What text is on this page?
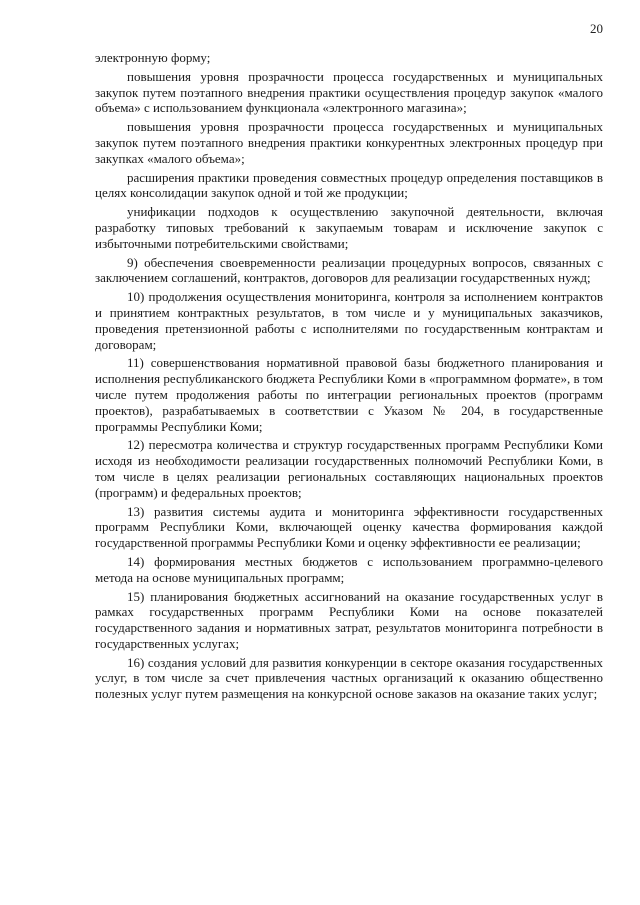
20

электронную форму;

повышения уровня прозрачности процесса государственных и муниципальных закупок путем поэтапного внедрения практики осуществления процедур закупок «малого объема» с использованием функционала «электронного магазина»;

повышения уровня прозрачности процесса государственных и муниципальных закупок путем поэтапного внедрения практики конкурентных электронных процедур при закупках «малого объема»;

расширения практики проведения совместных процедур определения поставщиков в целях консолидации закупок одной и той же продукции;

унификации подходов к осуществлению закупочной деятельности, включая разработку типовых требований к закупаемым товарам и исключение закупок с избыточными потребительскими свойствами;

9) обеспечения своевременности реализации процедурных вопросов, связанных с заключением соглашений, контрактов, договоров для реализации государственных нужд;

10) продолжения осуществления мониторинга, контроля за исполнением контрактов и принятием контрактных результатов, в том числе и у муниципальных заказчиков, проведения претензионной работы с исполнителями по государственным контрактам и договорам;

11) совершенствования нормативной правовой базы бюджетного планирования и исполнения республиканского бюджета Республики Коми в «программном формате», в том числе путем продолжения работы по интеграции региональных проектов (программ проектов), разрабатываемых в соответствии с Указом № 204, в государственные программы Республики Коми;

12) пересмотра количества и структур государственных программ Республики Коми исходя из необходимости реализации государственных полномочий Республики Коми, в том числе в целях реализации региональных составляющих национальных проектов (программ) и федеральных проектов;

13) развития системы аудита и мониторинга эффективности государственных программ Республики Коми, включающей оценку качества формирования каждой государственной программы Республики Коми и оценку эффективности ее реализации;

14) формирования местных бюджетов с использованием программно-целевого метода на основе муниципальных программ;

15) планирования бюджетных ассигнований на оказание государственных услуг в рамках государственных программ Республики Коми на основе показателей государственного задания и нормативных затрат, результатов мониторинга потребности в государственных услугах;

16) создания условий для развития конкуренции в секторе оказания государственных услуг, в том числе за счет привлечения частных организаций к оказанию общественно полезных услуг путем размещения на конкурсной основе заказов на оказание таких услуг;
